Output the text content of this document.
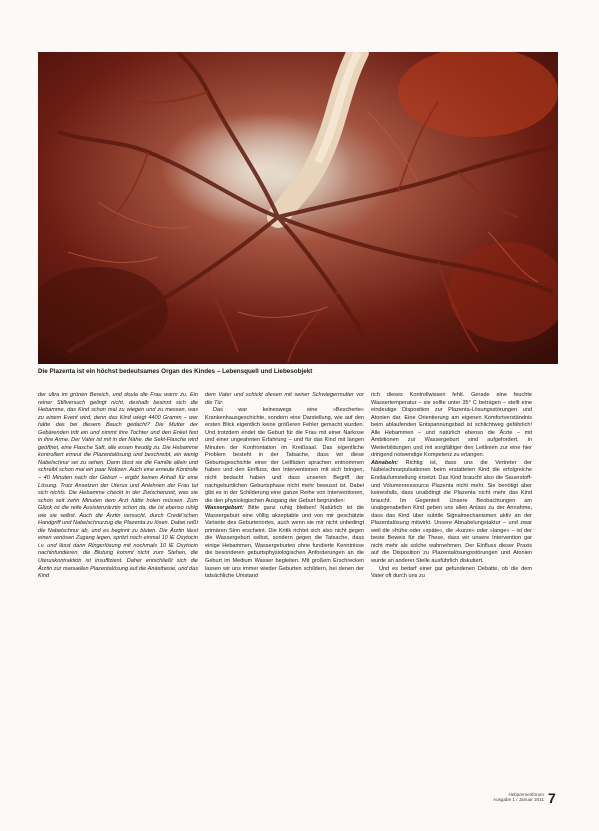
Die Plazenta ist ein höchst bedeutsames Organ des Kindes – Lebensquell und Liebesobjekt

der ultra im grünen Bereich, und doula die Frau warm zu. Ein reiner Stillversuch gelingt nicht, deshalb besinnt sich die Hebamme, das Kind schon mal zu wiegen und zu messen, was zu einem Event wird, denn das Kind wiegt 4400 Gramm – wer hätte das bei diesem Bauch gedacht? Die Mutter der Gebärenden tritt ein und nimmt ihre Tochter und den Enkel fest in ihre Arme. Der Vater ist mit in der Nähe, die Sekt-Flasche wird geöffnet, eine Flasche Saft, alle essen freudig zu. Die Hebamme kontrolliert erneut die Plazentalösung und beschreibt, ein wenig Nabelschnur sei zu sehen. Dann lässt sie die Familie allein und schreibt schon mal ein paar Notizen. Auch eine erneute Kontrolle – 40 Minuten nach der Geburt – ergibt keinen Anhalt für eine Lösung. Trotz Ansetzen der Uterus und Anlehnen der Frau tut sich nichts. Die Hebamme checkt in der Zwischenzeit, was sie schon seit zehn Minuten dem Arzt hätte holen müssen. Zum Glück ist die reife Assistenzärztin schon da, die ist ebenso ruhig wie sie selbst. Auch die Ärztin versucht, durch Credé'schen Handgriff und Nabelschnurzug die Plazenta zu lösen. Dabei reißt die Nabelschnur ab, und es beginnt zu bluten. Die Ärztin lässt einen venösen Zugang legen, spritzt noch einmal 10 IE Oxytocin i.v. und lässt dann Ringerlösung mit nochmals 10 IE Oxytocin nachinfundieren, die Blutung kommt nicht zum Stehen, die Uteruskontraktion ist insuffizient. Daher entschließt sich die Ärztin zur manuellen Plazentalösung auf die Anästhesie, und das Kind

dem Vater und schickt diesen mit seiner Schwiegermutter vor die Tür.

Das war keineswegs eine »Bescherte« Krankenhausgeschichte, sondern eine Darstellung, wie auf den ersten Blick eigentlich keine größeren Fehler gemacht wurden. Und trotzdem endet die Geburt für die Frau mit einer Narkose und einer ungeahnten Erfahrung – und für das Kind mit langen Minuten der Konfrontation im Kreißsaal. Das eigentliche Problem besteht in der Tatsache, dass wir diese Geburtsgeschichte einer der Leitfäden sprachen entnommen haben und den Einfluss, den Interventionen mit sich bringen, nicht bedacht haben und dass unseren Begriff der nachgeburtlichen Geburtsphase nicht mehr bewusst ist. Dabei gibt es in der Schilderung eine ganze Reihe von Interventionen, die den physiologischen Ausgang der Geburt begründen:

Wassergeburt: Bitte ganz ruhig bleiben! Natürlich ist die Wassergeburt eine völlig akzeptable und von mir geschätzte Variante des Geburtenortes, auch wenn sie mir nicht unbedingt primären Sinn erscheint. Die Kritik richtet sich also nicht gegen die Wassergeburt selbst, sondern gegen die Tatsache, dass einige Hebammen, Wassergeburten ohne fundierte Kenntnisse die besonderen geburtsphysiologischen Anforderungen an die Geburt im Medium Wasser begleiten. Mit großem Erschrecken lassen wir uns immer wieder Geburten schildern, bei denen der tatsächliche Umstand

rich dieses Kontrollwissen fehlt. Gerade eine feuchte Wassertemperatur – sie sollte unter 35° C betragen – stellt eine eindeutige Disposition zur Plazenta-Lösungsstörungen und Atonien dar. Eine Orientierung am eigenen Komfortverständnis beim ablaufenden Entspannungsbad ist schlichtweg gefährlich! Alle Hebammen – und natürlich ebenso die Ärzte – mit Ambitionen zur Wassergeburt sind aufgefordert, in Weiterbildungen und mit sorgfältiger den Leitlinien zur eine hier dringend notwendige Kompetenz zu erlangen.

Abnabeln: Richtig ist, dass uns die Vertreter der Nabelschnurpulsationen beim erstatteten Kind die erfolgreiche Erstlaufumstellung ersetzt. Das Kind braucht also die Sauerstoff- und Volumenressource Plazenta nicht mehr. Sie benötigt aber keinesfalls, dass unabdingt die Plazenta nicht mehr das Kind braucht. Im Gegenteil: Unsere Beobachtungen am unabgenabelten Kind geben uns allen Anlass zu der Annahme, dass das Kind über subtile Signalmechanismen aktiv an der Plazentalösung mitwirkt. Unsere Abnabelungstaktur – und zwar weil die »frühe oder »späte«, die »kurze« oder »lange« – ist der beste Beweis für die These, dass wir unsere Intervention gar nicht mehr als solche wahrnehmen. Der Einfluss dieser Praxis auf die Disposition zu Plazentalösungsstörungen und Atonien wurde an anderer Stelle ausführlich diskutiert.

Und es bedarf einer gar gefundenen Debatte, ob die dem Vater oft durch uns zu

Hebammenforum
Ausgabe 1 / Januar 2011 7
